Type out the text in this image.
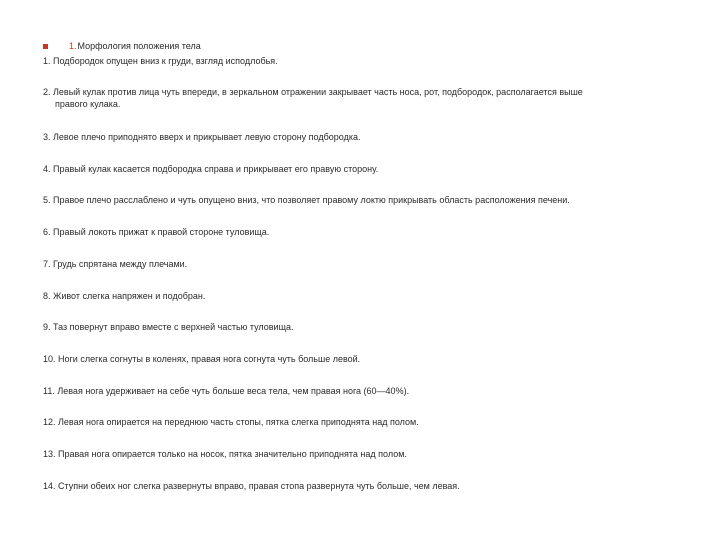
1. Морфология положения тела
1. Подбородок опущен вниз к груди, взгляд исподлобья.
2. Левый кулак против лица чуть впереди, в зеркальном отражении закрывает часть носа, рот, подбородок, располагается выше
правого кулака.
3. Левое плечо приподнято вверх и прикрывает левую сторону подбородка.
4. Правый кулак касается подбородка справа и прикрывает его правую сторону.
5. Правое плечо расслаблено и чуть опущено вниз, что позволяет правому локтю прикрывать область расположения печени.
6. Правый локоть прижат к правой стороне туловища.
7. Грудь спрятана между плечами.
8. Живот слегка напряжен и подобран.
9. Таз повернут вправо вместе с верхней частью туловища.
10. Ноги слегка согнуты в коленях, правая нога согнута чуть больше левой.
11. Левая нога удерживает на себе чуть больше веса тела, чем правая нога (60—40%).
12. Левая нога опирается на переднюю часть стопы, пятка слегка приподнята над полом.
13. Правая нога опирается только на носок, пятка значительно приподнята над полом.
14. Ступни обеих ног слегка развернуты вправо, правая стопа развернута чуть больше, чем левая.
